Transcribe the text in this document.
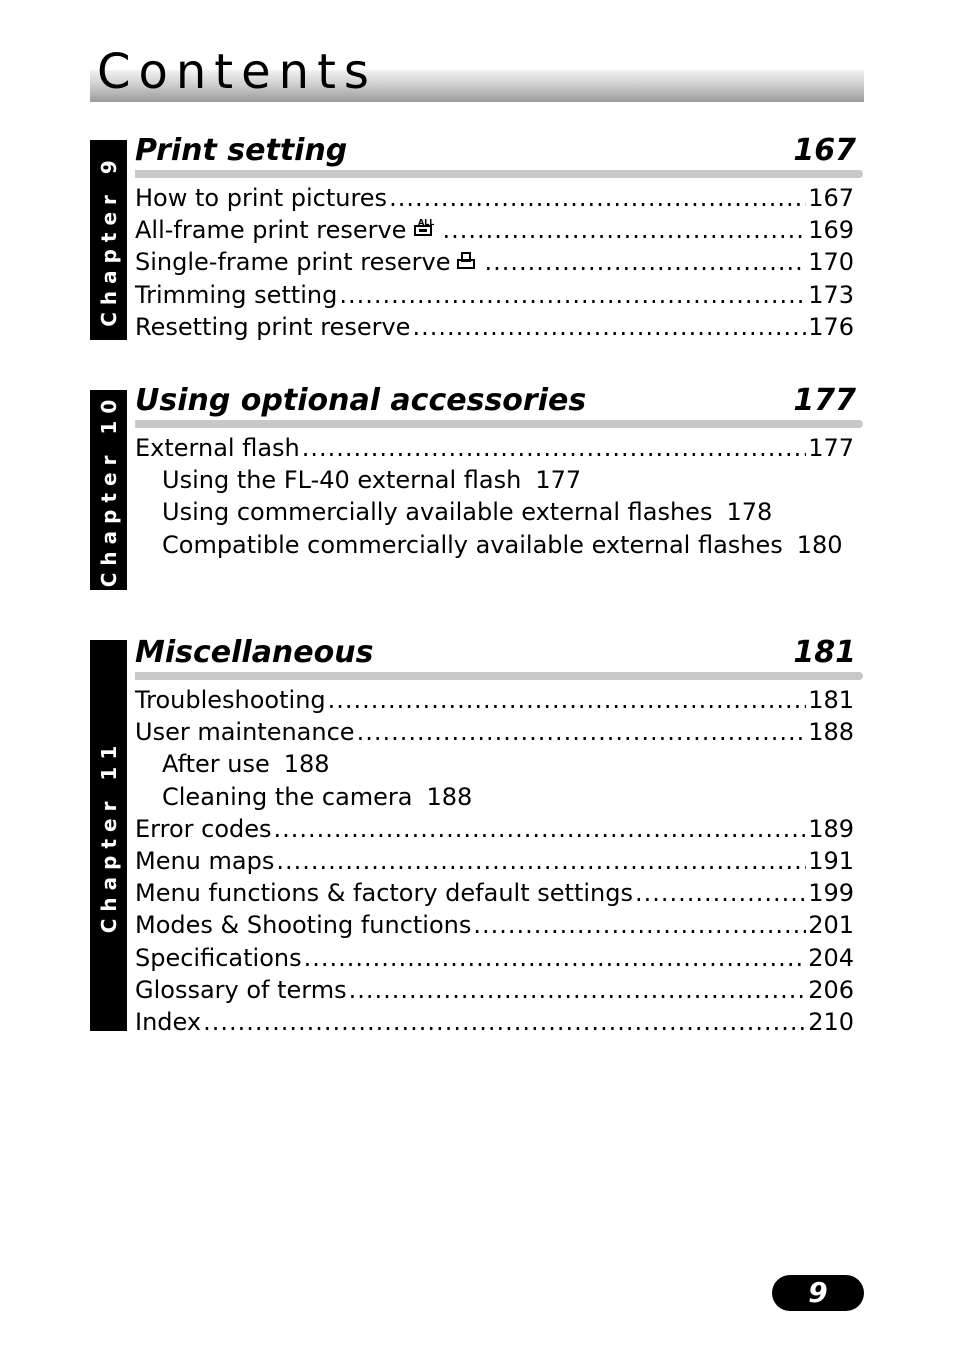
Contents
Chapter 9
Print setting	167
How to print pictures .....	167
All-frame print reserve ALL .....	169
Single-frame print reserve .....	170
Trimming setting .....	173
Resetting print reserve .....	176
Chapter 10 Using optional accessories	177
External flash .....	177
Using the FL-40 external flash 177
Using commercially available external flashes 178
Compatible commercially available external flashes 180
Chapter 11
Miscellaneous	181
Troubleshooting .....	181
User maintenance .....	188
After use 188
Cleaning the camera 188
Error codes .....	189
Menu maps .....	191
Menu functions & factory default settings .....	199
Modes & Shooting functions .....	201
Specifications .....	204
Glossary of terms .....	206
Index .....	210
9
